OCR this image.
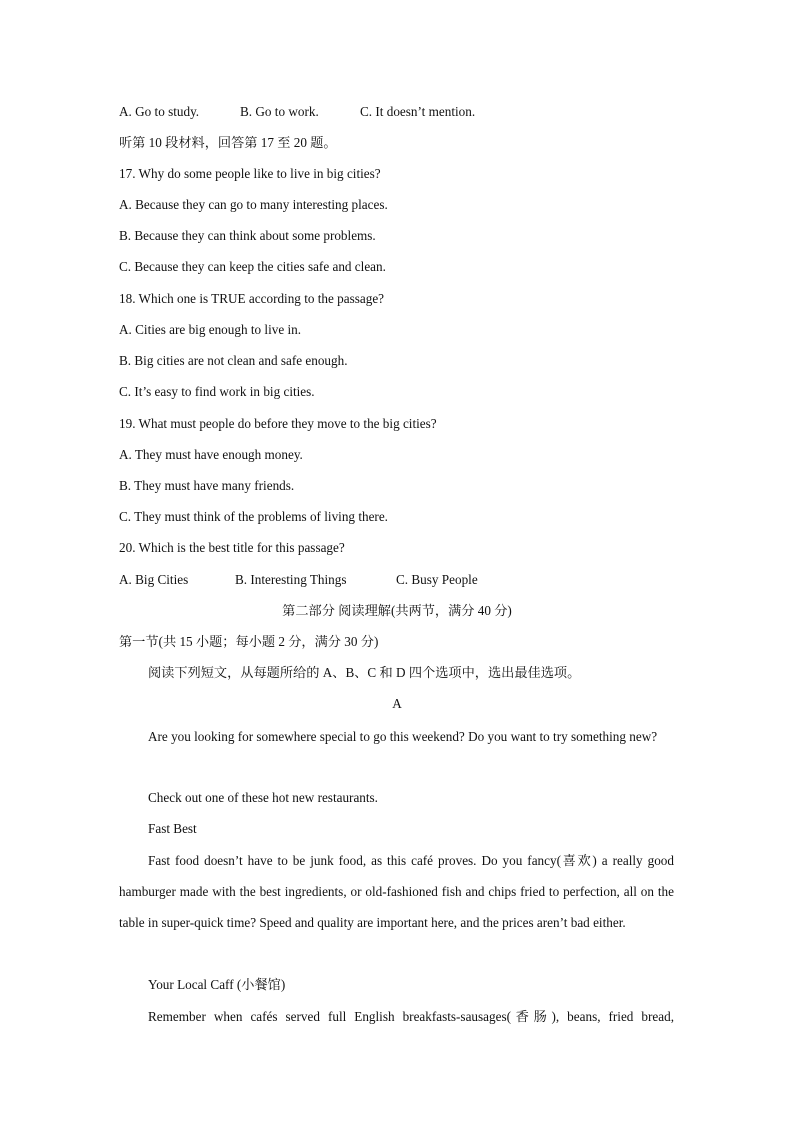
A. Go to study.	B. Go to work.	C. It doesn’t mention.
听第 10 段材料，回答第 17 至 20 题。
17. Why do some people like to live in big cities?
A. Because they can go to many interesting places.
B. Because they can think about some problems.
C. Because they can keep the cities safe and clean.
18. Which one is TRUE according to the passage?
A. Cities are big enough to live in.
B. Big cities are not clean and safe enough.
C. It’s easy to find work in big cities.
19. What must people do before they move to the big cities?
A. They must have enough money.
B. They must have many friends.
C. They must think of the problems of living there.
20. Which is the best title for this passage?
A. Big Cities	B. Interesting Things	C. Busy People
第二部分 阅读理解(共两节，满分 40 分)
第一节(共 15 小题；每小题 2 分，满分 30 分)
阅读下列短文，从每题所给的 A、B、C 和 D 四个选项中，选出最佳选项。
A
Are you looking for somewhere special to go this weekend? Do you want to try something new?
Check out one of these hot new restaurants.
Fast Best
Fast food doesn’t have to be junk food, as this café proves. Do you fancy(喜欢) a really good hamburger made with the best ingredients, or old-fashioned fish and chips fried to perfection, all on the table in super-quick time? Speed and quality are important here, and the prices aren’t bad either.
Your Local Caff (小餐馆)
Remember when cafés served full English breakfasts-sausages(香肠), beans, fried bread,
